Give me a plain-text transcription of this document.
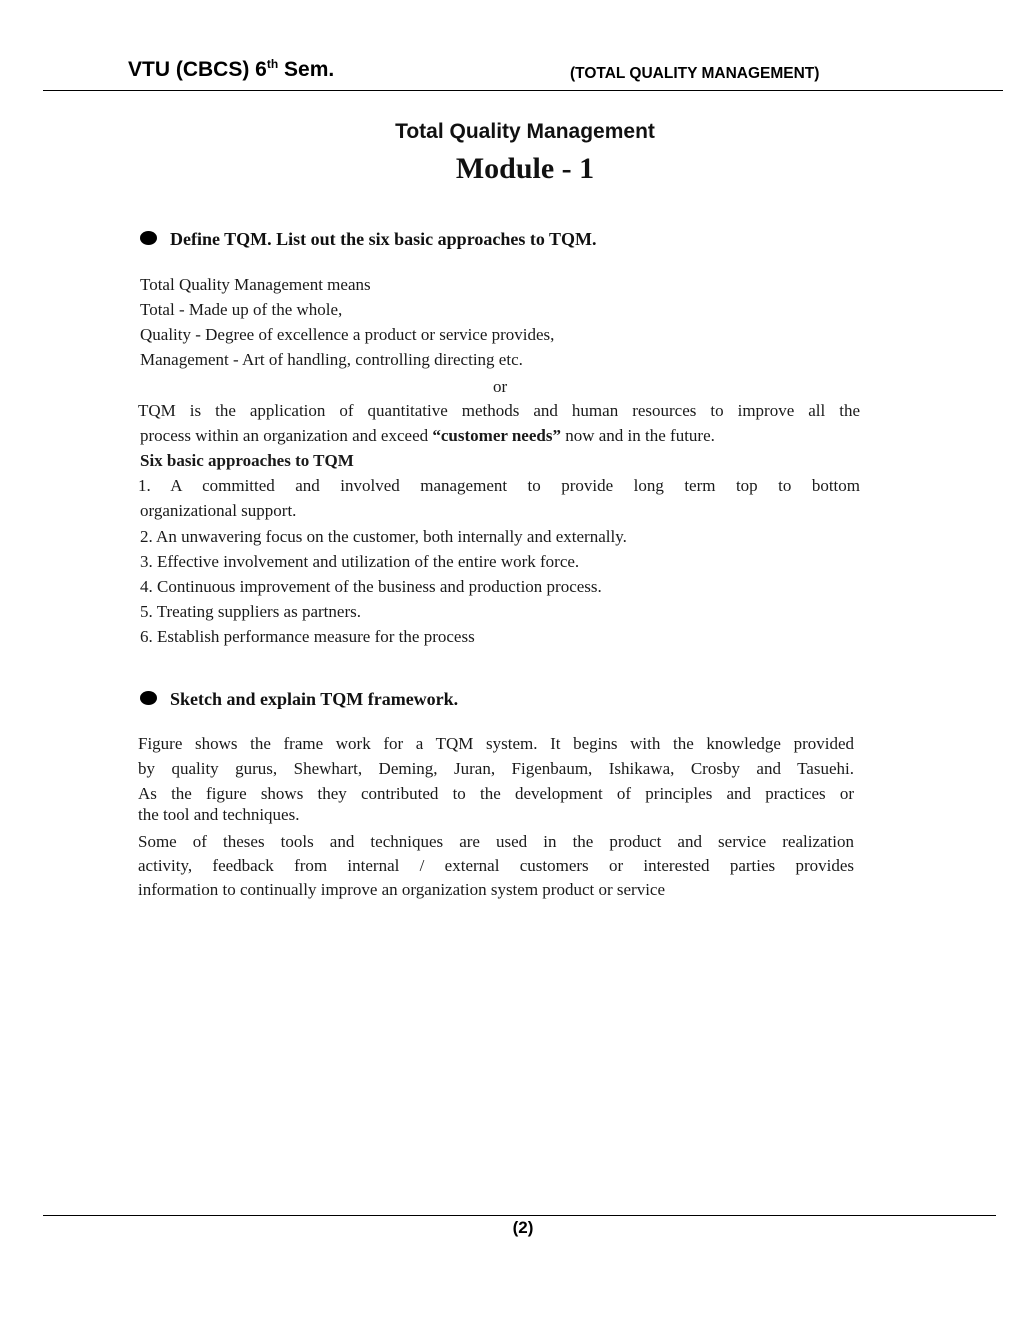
VTU (CBCS) 6th Sem.	(TOTAL QUALITY MANAGEMENT)
Total Quality Management
Module - 1
Define TQM. List out the six basic approaches to TQM.
Total Quality Management means
Total - Made up of the whole,
Quality - Degree of excellence a product or service provides,
Management - Art of handling, controlling directing etc.
or
TQM is the application of quantitative methods and human resources to improve all the
process within an organization and exceed “customer needs” now and in the future.
Six basic approaches to TQM
1. A committed and involved management to provide long term top to bottom
organizational support.
2. An unwavering focus on the customer, both internally and externally.
3. Effective involvement and utilization of the entire work force.
4. Continuous improvement of the business and production process.
5. Treating suppliers as partners.
6. Establish performance measure for the process
Sketch and explain TQM framework.
Figure shows the frame work for a TQM system. It begins with the knowledge provided
by quality gurus, Shewhart, Deming, Juran, Figenbaum, Ishikawa, Crosby and Tasuehi.
As the figure shows they contributed to the development of principles and practices or
the tool and techniques.
Some of theses tools and techniques are used in the product and service realization
activity, feedback from internal / external customers or interested parties provides
information to continually improve an organization system product or service
(2)
